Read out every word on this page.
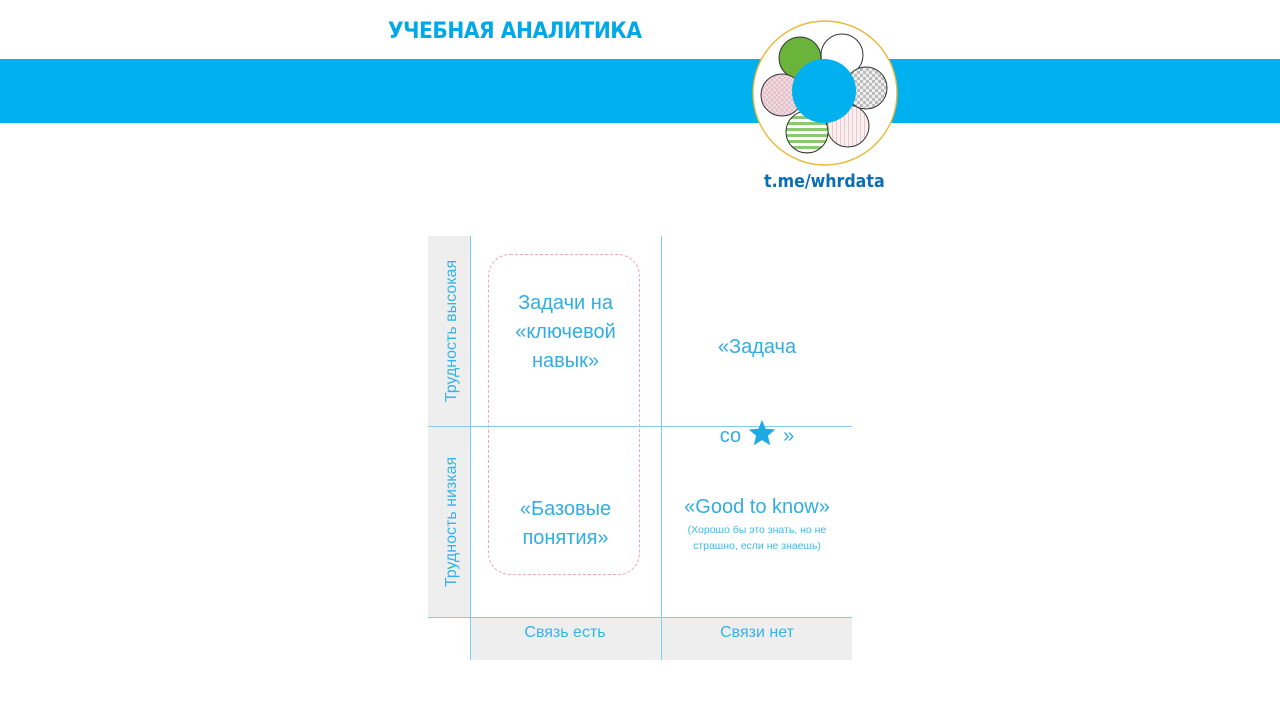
УЧЕБНАЯ АНАЛИТИКА
t.me/whrdata
Трудность высокая
Трудность низкая
Связь есть	Связи нет
Задачи на
«ключевой
навык»

«Задача

со »

«Базовые
понятия»
«Good to know»
(Хорошо бы это знать, но не
страшно, если не знаешь)
